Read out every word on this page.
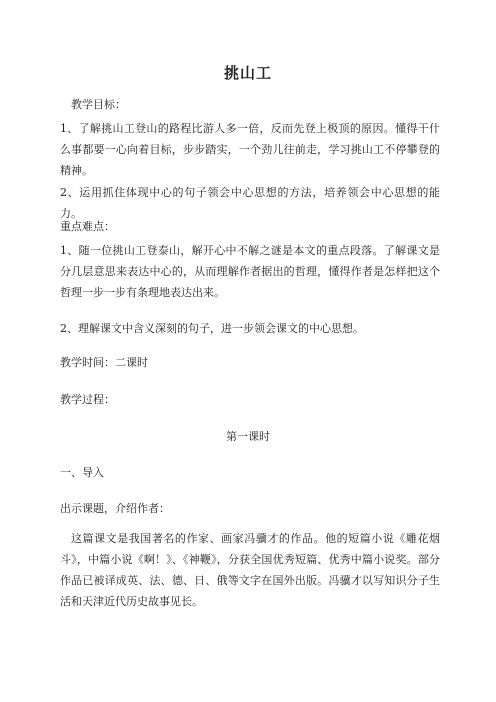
挑山工

教学目标：

1、了解挑山工登山的路程比游人多一倍，反而先登上极顶的原因。懂得干什么事都要一心向着目标，步步踏实，一个劲儿往前走，学习挑山工不停攀登的精神。

2、运用抓住体现中心的句子领会中心思想的方法，培养领会中心思想的能力。

重点难点：

1、随一位挑山工登泰山，解开心中不解之谜是本文的重点段落。了解课文是分几层意思来表达中心的，从而理解作者据出的哲理，懂得作者是怎样把这个哲理一步一步有条理地表达出来。

2、理解课文中含义深刻的句子，进一步领会课文的中心思想。

教学时间：二课时

教学过程：

第一课时

一、导入

出示课题，介绍作者：

这篇课文是我国著名的作家、画家冯骥才的作品。他的短篇小说《雕花烟斗》，中篇小说《啊！》、《神鞭》，分获全国优秀短篇、优秀中篇小说奖。部分作品已被译成英、法、德、日、俄等文字在国外出版。冯骥才以写知识分子生活和天津近代历史故事见长。
